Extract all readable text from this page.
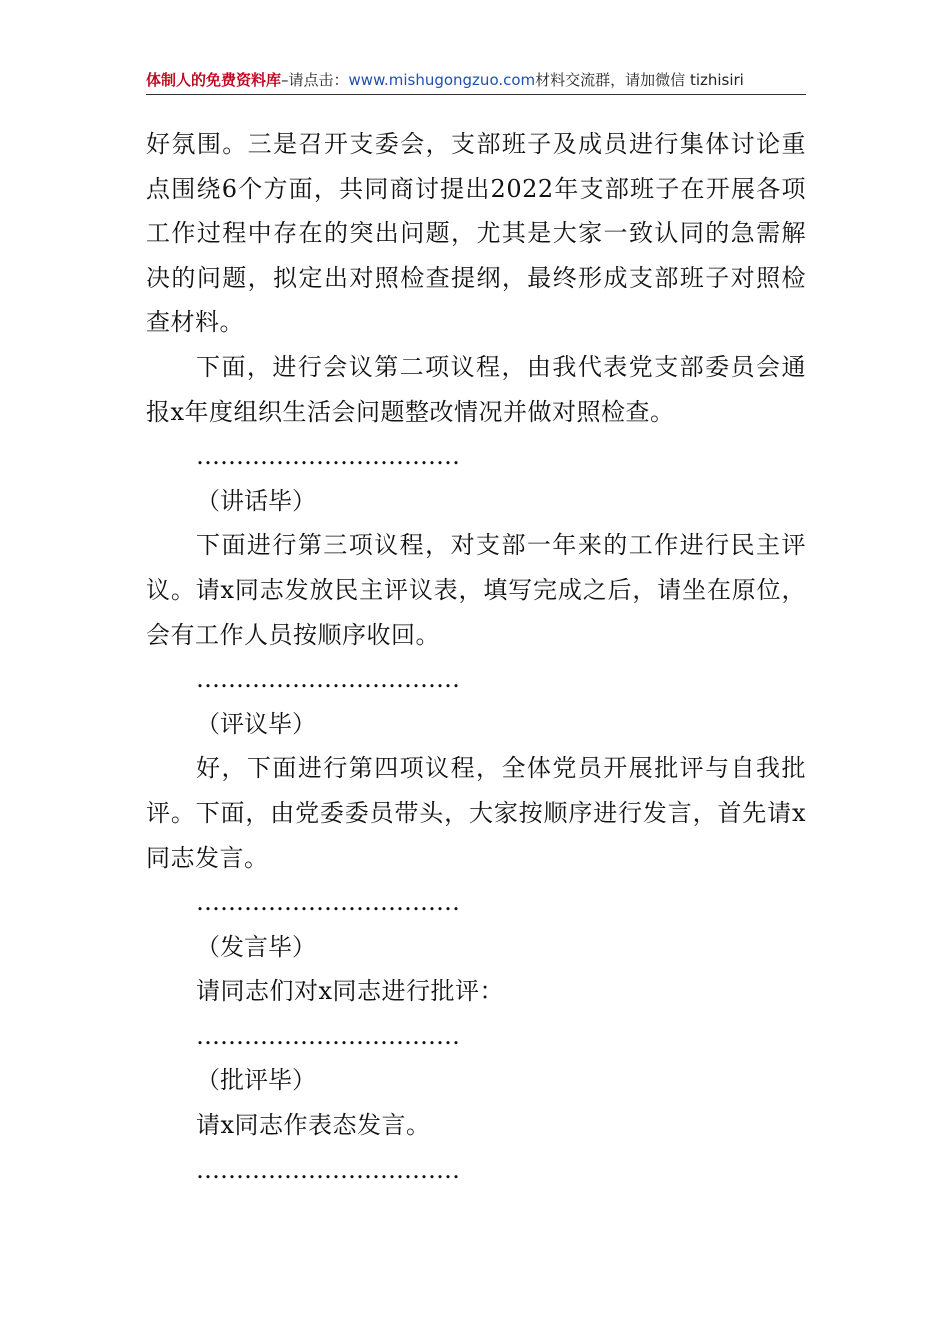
体制人的免费资料库–请点击：www.mishugongzuo.com材料交流群，请加微信 tizhisiri

好氛围。三是召开支委会，支部班子及成员进行集体讨论重点围绕6个方面，共同商讨提出2022年支部班子在开展各项工作过程中存在的突出问题，尤其是大家一致认同的急需解决的问题，拟定出对照检查提纲，最终形成支部班子对照检查材料。

下面，进行会议第二项议程，由我代表党支部委员会通报x年度组织生活会问题整改情况并做对照检查。

……………………………

（讲话毕）

下面进行第三项议程，对支部一年来的工作进行民主评议。请x同志发放民主评议表，填写完成之后，请坐在原位，会有工作人员按顺序收回。

……………………………

（评议毕）

好，下面进行第四项议程，全体党员开展批评与自我批评。下面，由党委委员带头，大家按顺序进行发言，首先请x同志发言。

……………………………

（发言毕）

请同志们对x同志进行批评：

……………………………

（批评毕）

请x同志作表态发言。

……………………………
